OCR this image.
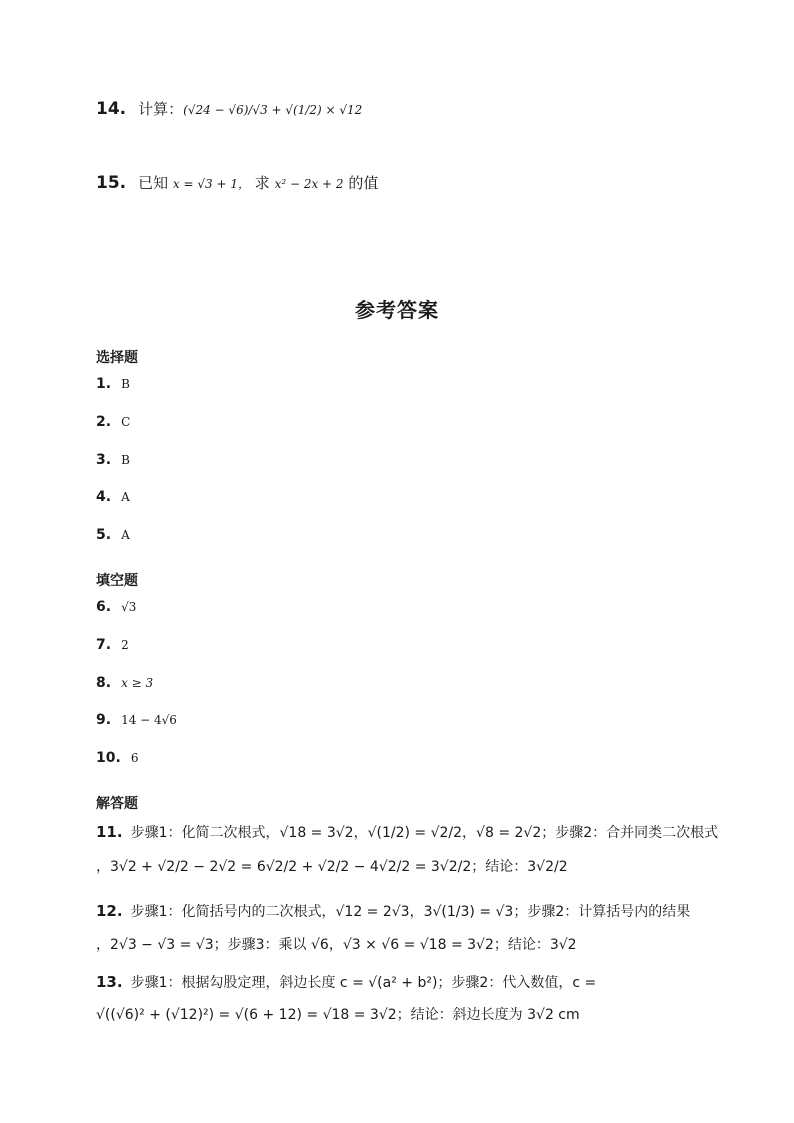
14. 计算：(√24 − √6)/√3 + √(1/2) × √12
15. 已知 x = √3 + 1， 求 x² − 2x + 2 的值
参考答案
选择题
1. B
2. C
3. B
4. A
5. A
填空题
6. √3
7. 2
8. x ≥ 3
9. 14 − 4√6
10. 6
解答题
11. 步骤1：化简二次根式，√18 = 3√2，√(1/2) = √2/2，√8 = 2√2；步骤2：合并同类二次根式
，3√2 + √2/2 − 2√2 = 6√2/2 + √2/2 − 4√2/2 = 3√2/2；结论：3√2/2
12. 步骤1：化简括号内的二次根式，√12 = 2√3，3√(1/3) = √3；步骤2：计算括号内的结果
，2√3 − √3 = √3；步骤3：乘以 √6，√3 × √6 = √18 = 3√2；结论：3√2
13. 步骤1：根据勾股定理，斜边长度 c = √(a² + b²)；步骤2：代入数值，c =
√((√6)² + (√12)²) = √(6 + 12) = √18 = 3√2；结论：斜边长度为 3√2 cm
